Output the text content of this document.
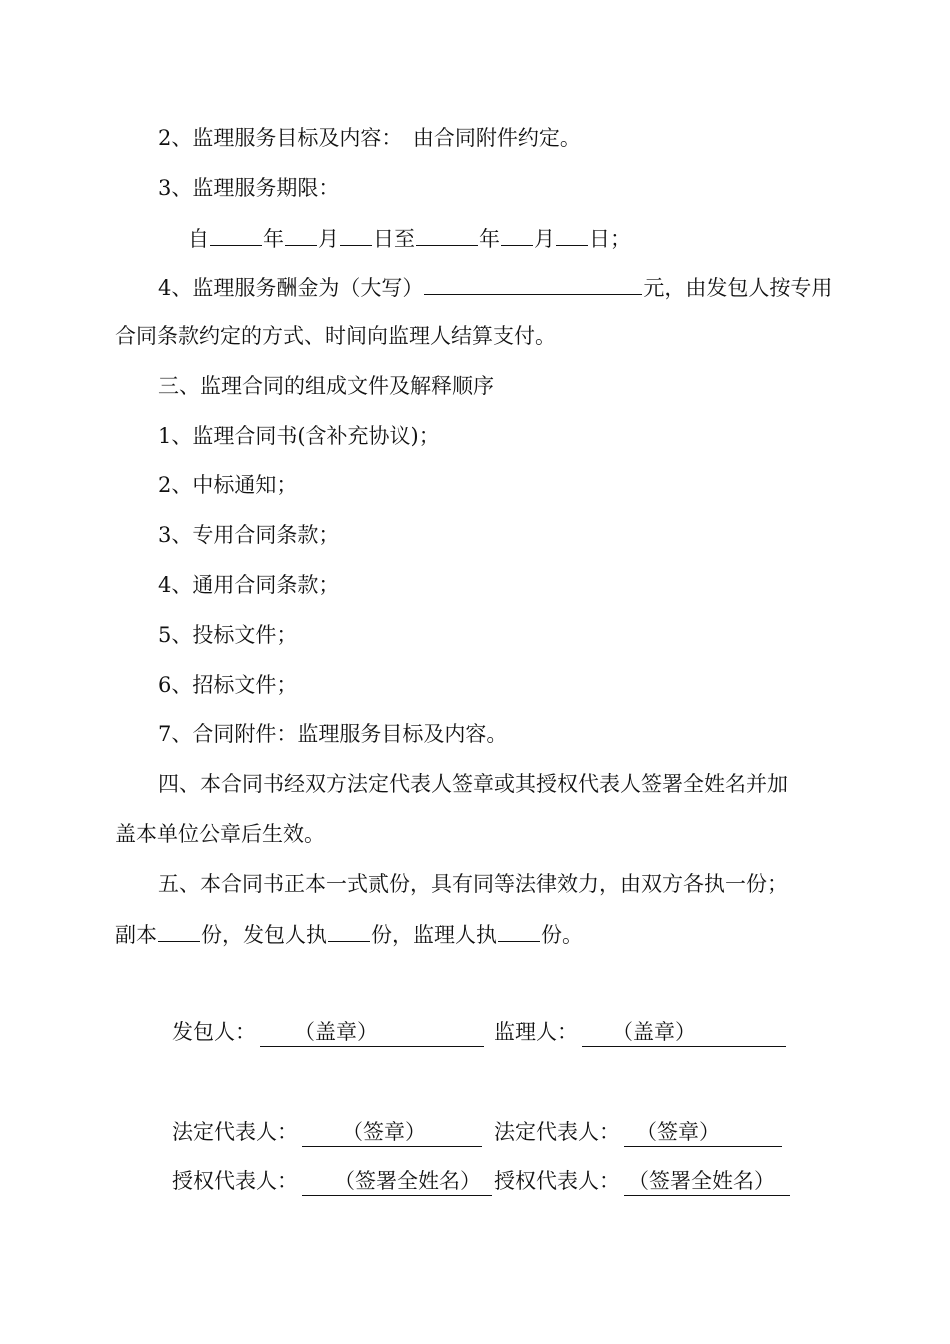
2、监理服务目标及内容：　由合同附件约定。
3、监理服务期限：
自	年 月 日至	年 月 日；
4、监理服务酬金为（大写）	元，由发包人按专用
合同条款约定的方式、时间向监理人结算支付。
三、监理合同的组成文件及解释顺序
1、监理合同书(含补充协议)；
2、中标通知；
3、专用合同条款；
4、通用合同条款；
5、投标文件；
6、招标文件；
7、合同附件：监理服务目标及内容。
四、本合同书经双方法定代表人签章或其授权代表人签署全姓名并加
盖本单位公章后生效。
五、本合同书正本一式贰份，具有同等法律效力，由双方各执一份；
副本 份，发包人执 份，监理人执 份。
发包人： （盖章）	监理人： （盖章）
法定代表人： （签章）	法定代表人： （签章）
授权代表人： （签署全姓名） 授权代表人： （签署全姓名）
